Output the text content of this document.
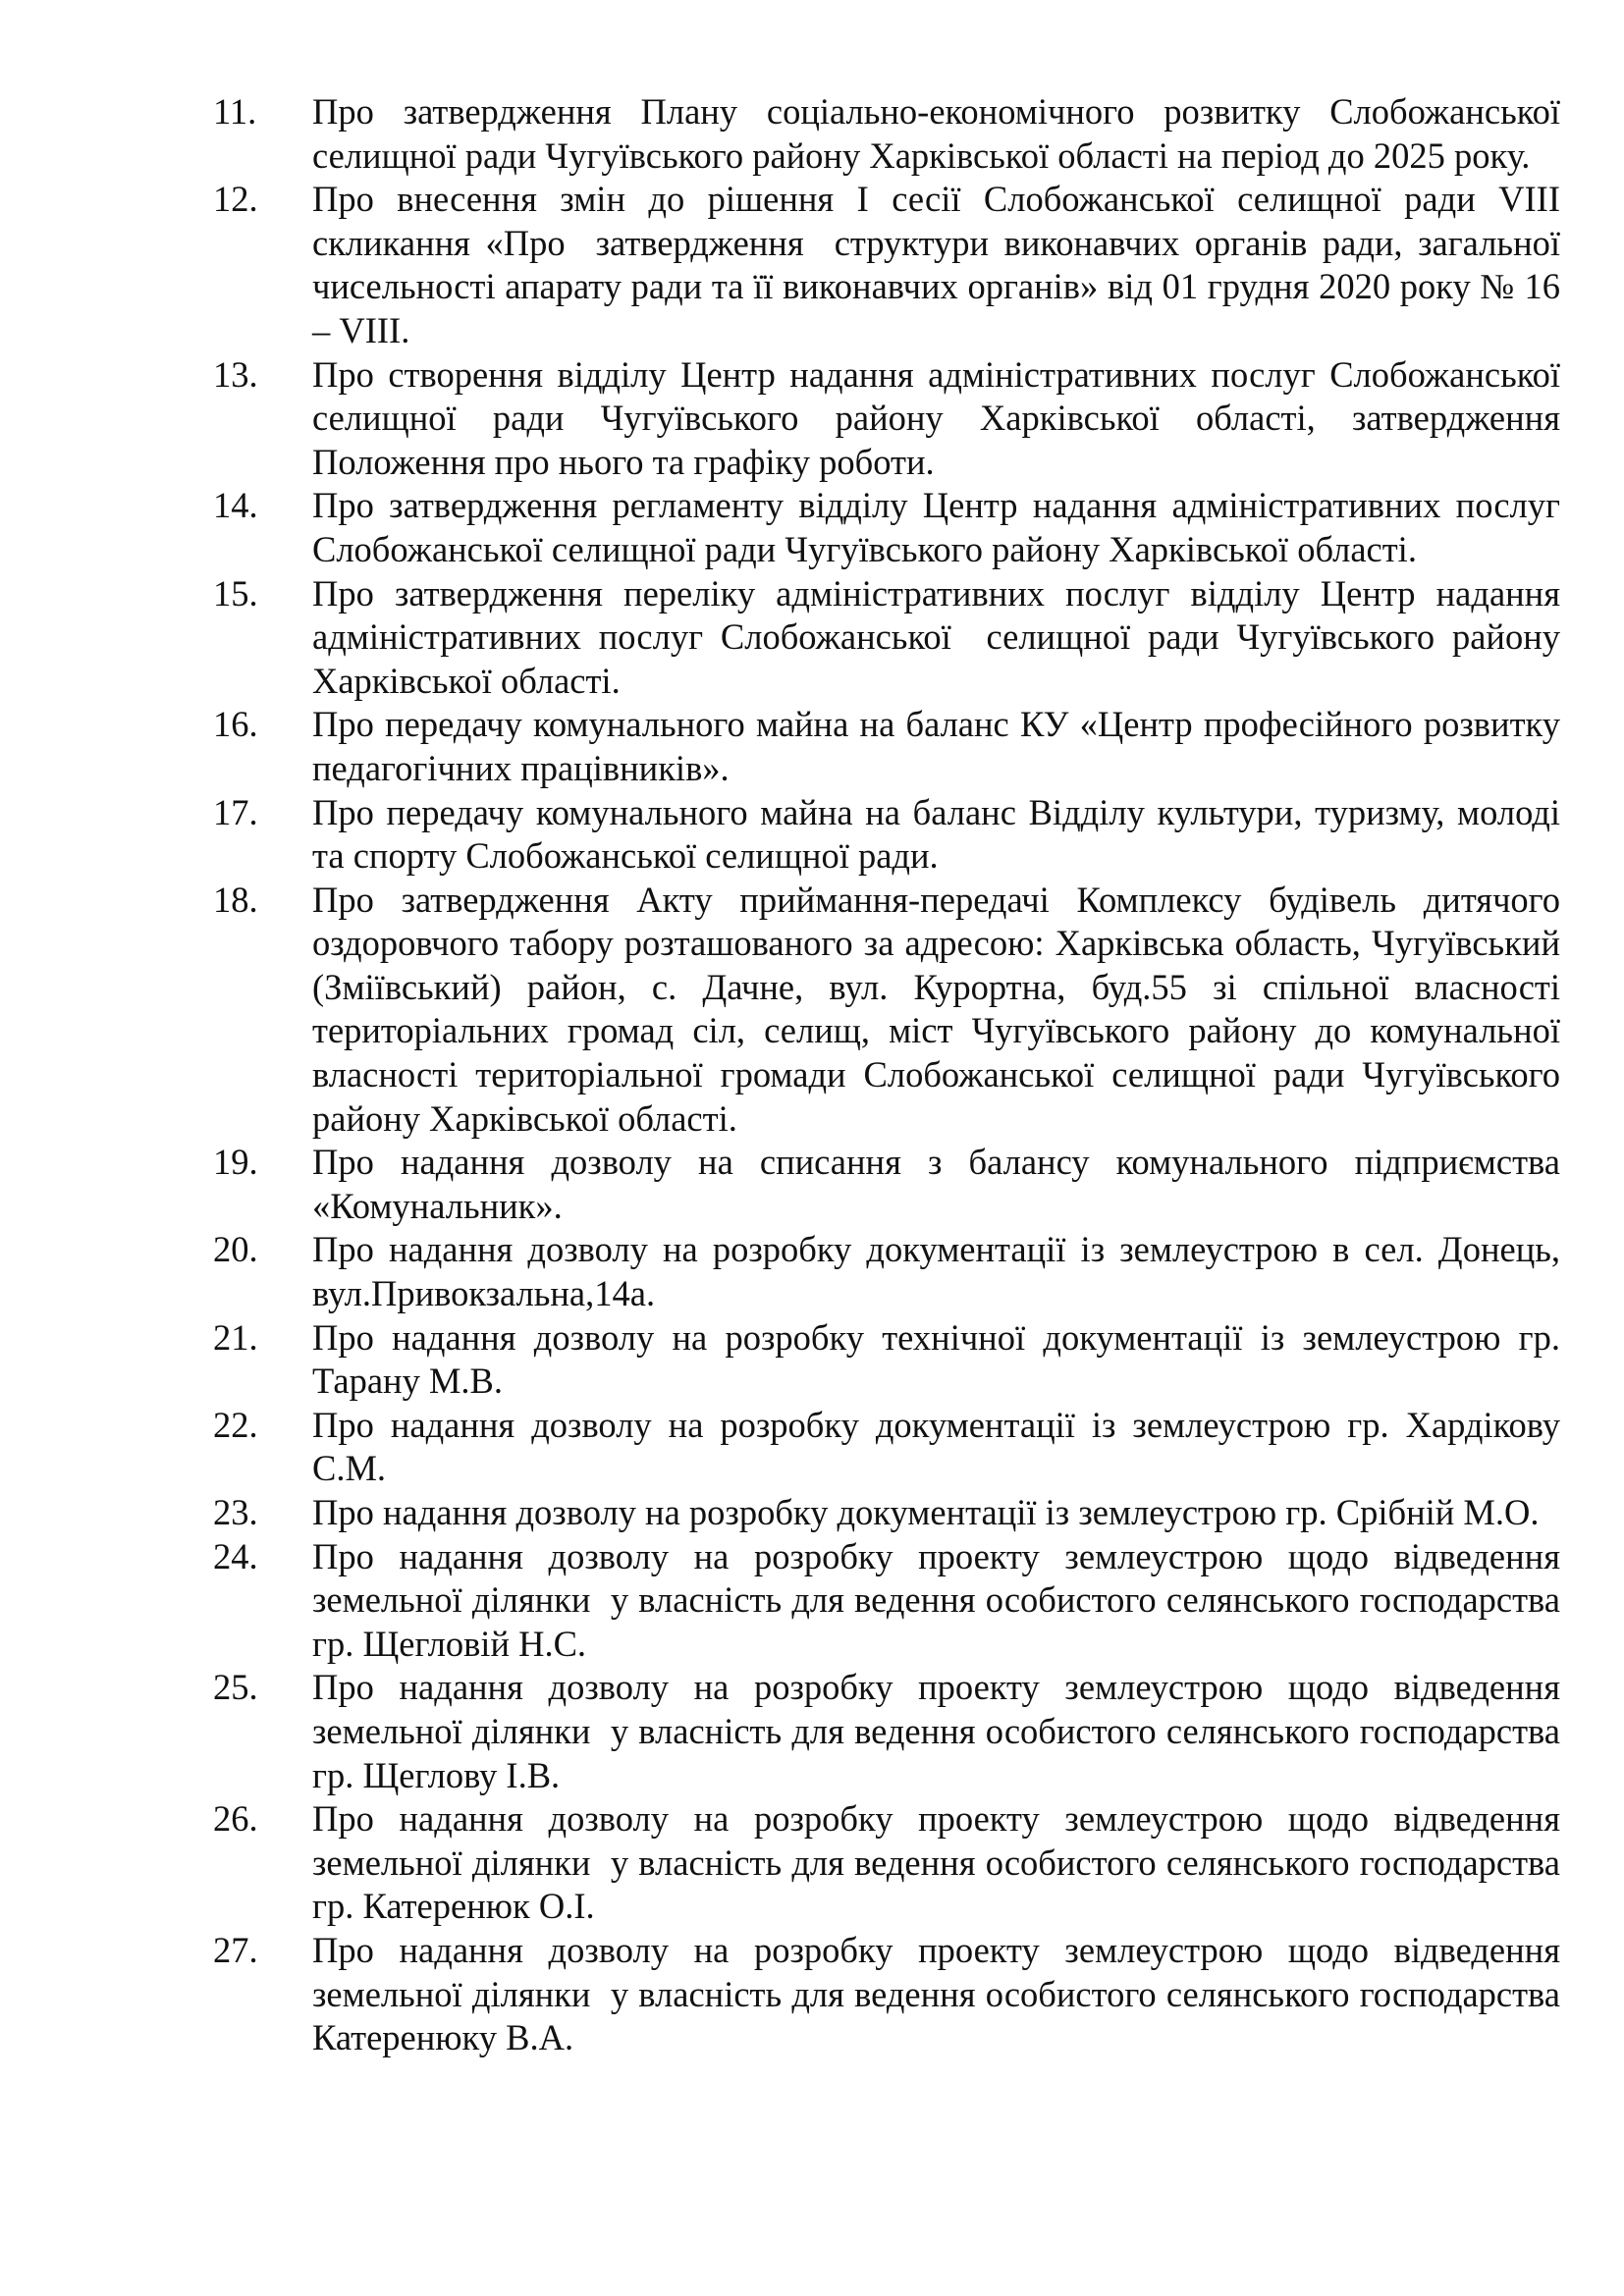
11. Про затвердження Плану соціально-економічного розвитку Слобожанської селищної ради Чугуївського району Харківської області на період до 2025 року.
12. Про внесення змін до рішення І сесії Слобожанської селищної ради VIII скликання «Про  затвердження  структури виконавчих органів ради, загальної чисельності апарату ради та її виконавчих органів» від 01 грудня 2020 року № 16 – VIII.
13. Про створення відділу Центр надання адміністративних послуг Слобожанської селищної ради Чугуївського району Харківської області, затвердження  Положення про нього та графіку роботи.
14. Про затвердження регламенту відділу Центр надання адміністративних послуг Слобожанської селищної ради Чугуївського району Харківської області.
15. Про затвердження переліку адміністративних послуг відділу Центр надання адміністративних послуг Слобожанської  селищної ради Чугуївського району Харківської області.
16. Про передачу комунального майна на баланс КУ «Центр професійного розвитку педагогічних працівників».
17. Про передачу комунального майна на баланс Відділу культури, туризму, молоді та спорту Слобожанської селищної ради.
18. Про затвердження Акту приймання-передачі Комплексу будівель дитячого оздоровчого табору розташованого за адресою: Харківська область, Чугуївський (Зміївський) район, с. Дачне, вул. Курортна, буд.55 зі спільної власності територіальних громад сіл, селищ, міст Чугуївського району до комунальної власності територіальної громади Слобожанської селищної ради Чугуївського району Харківської області.
19. Про надання дозволу на списання з балансу комунального підприємства «Комунальник».
20. Про надання дозволу на розробку документації із землеустрою в сел. Донець, вул.Привокзальна,14а.
21. Про надання дозволу на розробку технічної документації із землеустрою гр. Тарану М.В.
22. Про надання дозволу на розробку документації із землеустрою гр. Хардікову С.М.
23. Про надання дозволу на розробку документації із землеустрою гр. Срібній М.О.
24. Про надання дозволу на розробку проекту землеустрою щодо відведення земельної ділянки  у власність для ведення особистого селянського господарства гр. Щегловій Н.С.
25. Про надання дозволу на розробку проекту землеустрою щодо відведення земельної ділянки  у власність для ведення особистого селянського господарства гр. Щеглову І.В.
26. Про надання дозволу на розробку проекту землеустрою щодо відведення земельної ділянки  у власність для ведення особистого селянського господарства гр. Катеренюк О.І.
27. Про надання дозволу на розробку проекту землеустрою щодо відведення земельної ділянки  у власність для ведення особистого селянського господарства Катеренюку В.А.
